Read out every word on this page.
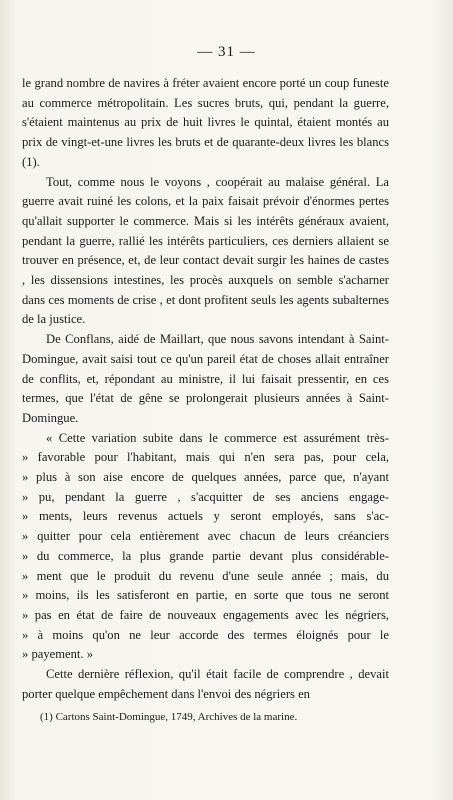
— 31 —

le grand nombre de navires à fréter avaient encore porté un coup funeste au commerce métropolitain. Les sucres bruts, qui, pendant la guerre, s'étaient maintenus au prix de huit livres le quintal, étaient montés au prix de vingt-et-une livres les bruts et de quarante-deux livres les blancs (1).

Tout, comme nous le voyons , coopérait au malaise général. La guerre avait ruiné les colons, et la paix faisait prévoir d'énormes pertes qu'allait supporter le commerce. Mais si les intérêts généraux avaient, pendant la guerre, rallié les intérêts particuliers, ces derniers allaient se trouver en présence, et, de leur contact devait surgir les haines de castes , les dissensions intestines, les procès auxquels on semble s'acharner dans ces moments de crise , et dont profitent seuls les agents subalternes de la justice.

De Conflans, aidé de Maillart, que nous savons intendant à Saint-Domingue, avait saisi tout ce qu'un pareil état de choses allait entraîner de conflits, et, répondant au ministre, il lui faisait pressentir, en ces termes, que l'état de gêne se prolongerait plusieurs années à Saint-Domingue.

« Cette variation subite dans le commerce est assurément très-
» favorable pour l'habitant, mais qui n'en sera pas, pour cela,
» plus à son aise encore de quelques années, parce que, n'ayant
» pu, pendant la guerre , s'acquitter de ses anciens engage-
» ments, leurs revenus actuels y seront employés, sans s'ac-
» quitter pour cela entièrement avec chacun de leurs créanciers
» du commerce, la plus grande partie devant plus considérable-
» ment que le produit du revenu d'une seule année ; mais, du
» moins, ils les satisferont en partie, en sorte que tous ne seront
» pas en état de faire de nouveaux engagements avec les négriers,
» à moins qu'on ne leur accorde des termes éloignés pour le
» payement. »

Cette dernière réflexion, qu'il était facile de comprendre , devait porter quelque empêchement dans l'envoi des négriers en

(1) Cartons Saint-Domingue, 1749, Archives de la marine.
